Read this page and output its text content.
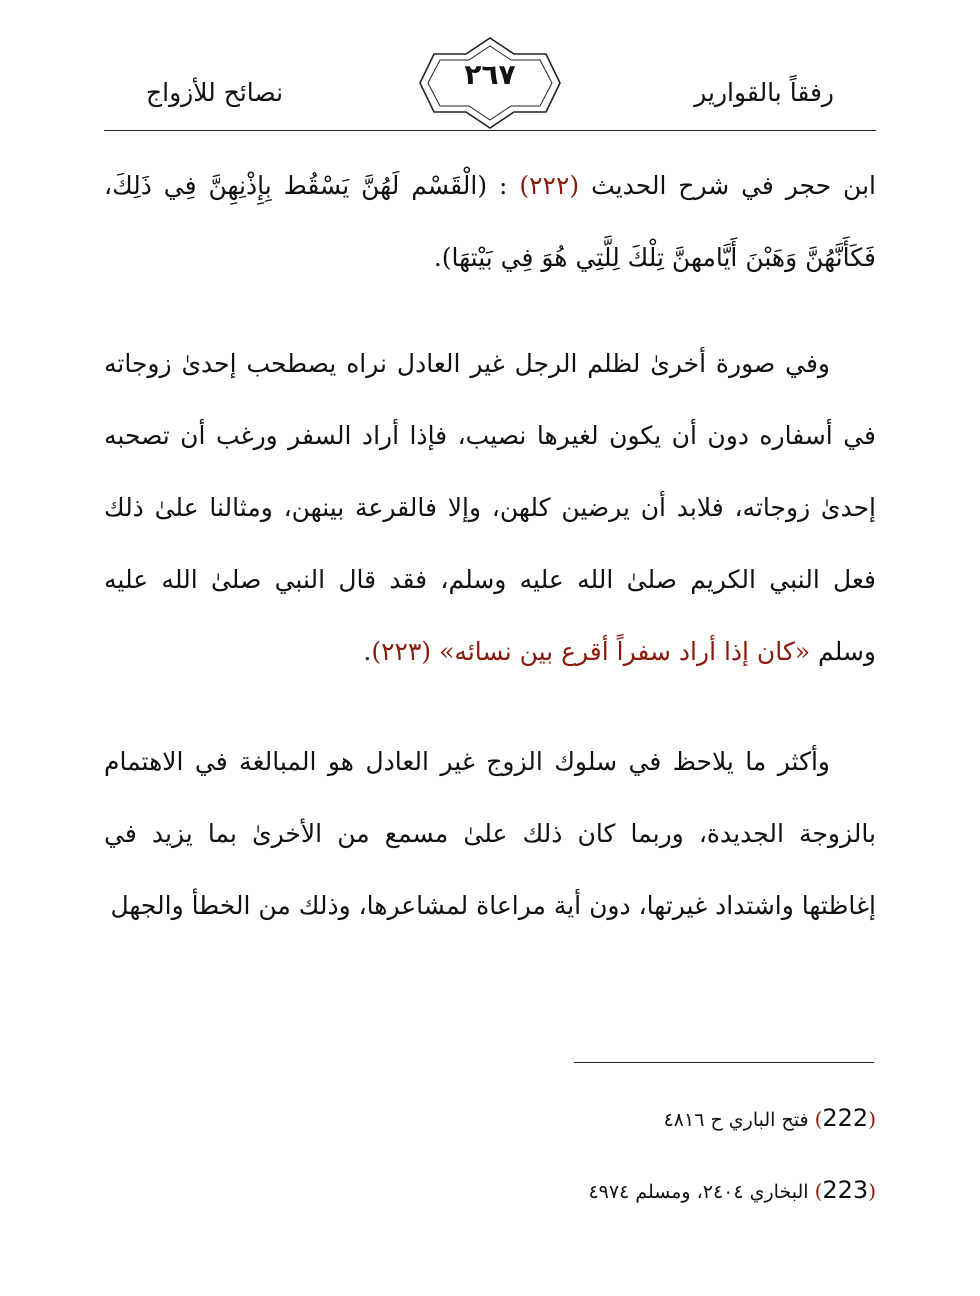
رفقاً بالقوارير
٢٦٧
نصائح للأزواج

ابن حجر في شرح الحديث (٢٢٢) : (الْقَسْم لَهُنَّ يَسْقُط بِإِذْنِهِنَّ فِي ذَلِكَ، فَكَأَنَّهُنَّ وَهَبْنَ أَيَّامهنَّ تِلْكَ لِلَّتِي هُوَ فِي بَيْتهَا).

وفي صورة أخرىٰ لظلم الرجل غير العادل نراه يصطحب إحدىٰ زوجاته في أسفاره دون أن يكون لغيرها نصيب، فإذا أراد السفر ورغب أن تصحبه إحدىٰ زوجاته، فلابد أن يرضين كلهن، وإلا فالقرعة بينهن، ومثالنا علىٰ ذلك فعل النبي الكريم صلىٰ الله عليه وسلم، فقد قال النبي صلىٰ الله عليه وسلم «كان إذا أراد سفراً أقرع بين نسائه» (٢٢٣).

وأكثر ما يلاحظ في سلوك الزوج غير العادل هو المبالغة في الاهتمام بالزوجة الجديدة، وربما كان ذلك علىٰ مسمع من الأخرىٰ بما يزيد في إغاظتها واشتداد غيرتها، دون أية مراعاة لمشاعرها، وذلك من الخطأ والجهل

(222) فتح الباري ح ٤٨١٦
(223) البخاري ٢٤٠٤، ومسلم ٤٩٧٤
